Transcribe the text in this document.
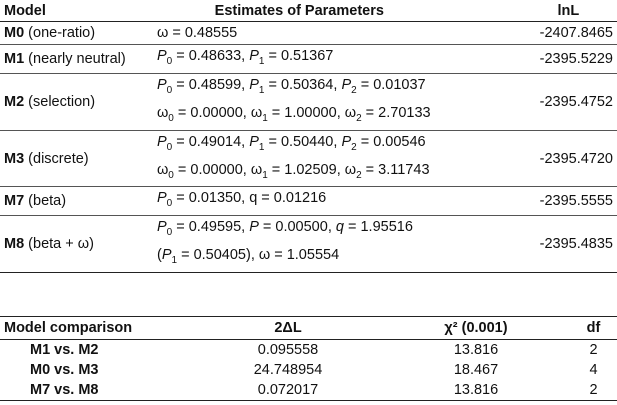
Model	Estimates of Parameters	lnL
M0 (one-ratio)	ω = 0.48555	-2407.8465
M1 (nearly neutral)	$P_0 = 0.48633$, $P_1 = 0.51367$	-2395.5229
M2 (selection)	$P_0 = 0.48599$, $P_1 = 0.50364$, $P_2 = 0.01037$
$\omega_0 = 0.00000$, $\omega_1 = 1.00000$, $\omega_2 = 2.70133$	-2395.4752
M3 (discrete)	$P_0 = 0.49014$, $P_1 = 0.50440$, $P_2 = 0.00546$
$\omega_0 = 0.00000$, $\omega_1 = 1.02509$, $\omega_2 = 3.11743$	-2395.4720
M7 (beta)	$P_0 = 0.01350$, q = 0.01216	-2395.5555
M8 (beta + ω)	$P_0 = 0.49595$, P = 0.00500, q = 1.95516
$(P_1 = 0.50405)$, ω = 1.05554	-2395.4835
Model comparison	2ΔL	χ² (0.001)	df
M1 vs. M2	0.095558	13.816	2
M0 vs. M3	24.748954	18.467	4
M7 vs. M8	0.072017	13.816	2
